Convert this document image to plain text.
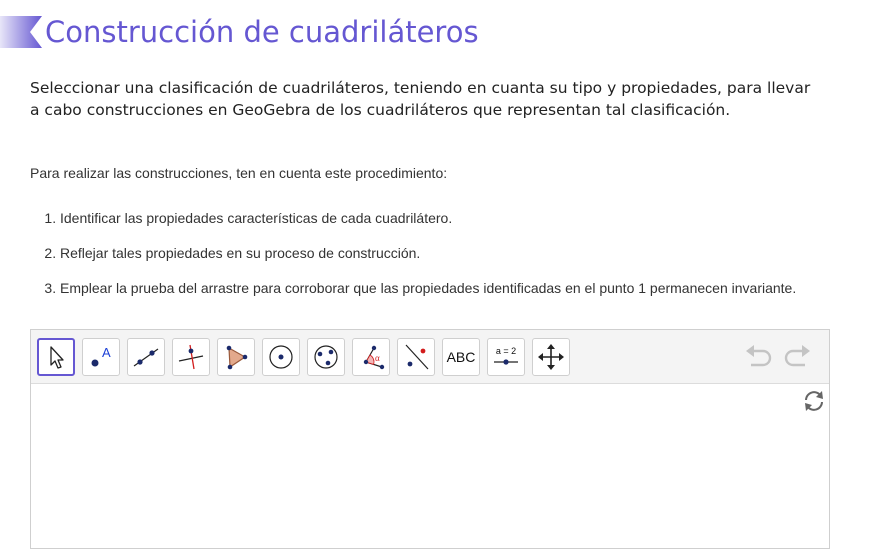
Construcción de cuadriláteros

Seleccionar una clasificación de cuadriláteros, teniendo en cuanta su tipo y propiedades, para llevar a cabo construcciones en GeoGebra de los cuadriláteros que representan tal clasificación.

Para realizar las construcciones, ten en cuenta este procedimiento:

1. Identificar las propiedades características de cada cuadrilátero.
2. Reflejar tales propiedades en su proceso de construcción.
3. Emplear la prueba del arrastre para corroborar que las propiedades identificadas en el punto 1 permanecen invariante.
A	α	ABC a = 2
